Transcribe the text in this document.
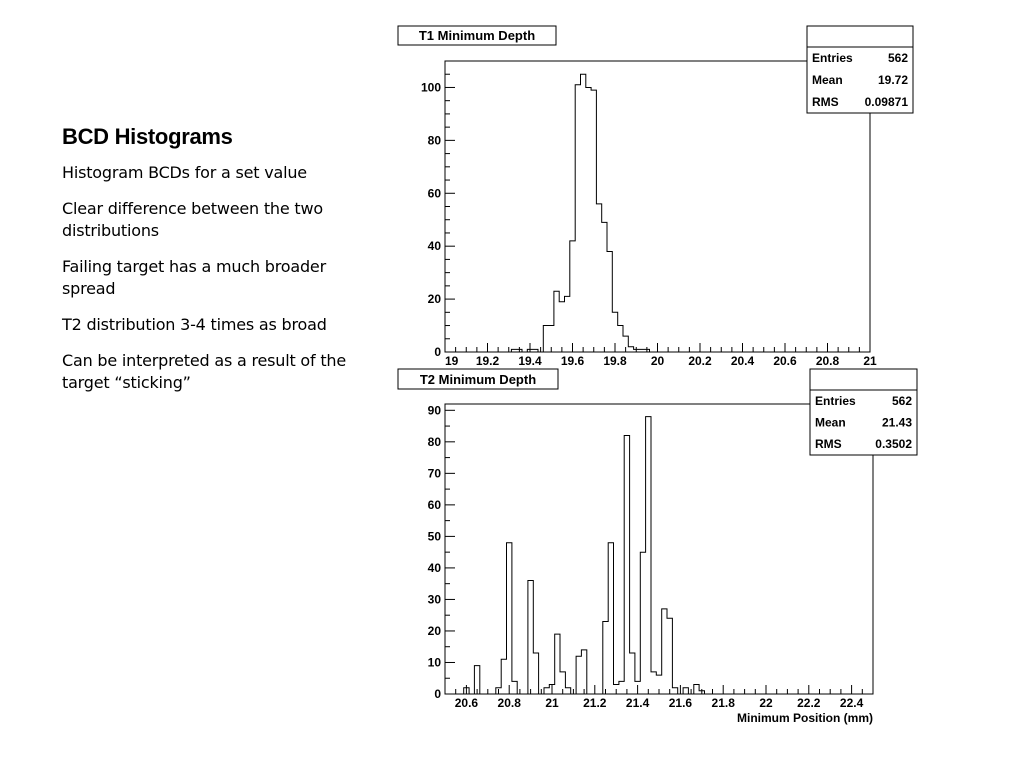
BCD Histograms
Histogram BCDs for a set value
Clear difference between the two distributions
Failing target has a much broader spread
T2 distribution 3-4 times as broad
Can be interpreted as a result of the target “sticking”
19 19.2 19.4 19.6 19.8 20 20.2 20.4 20.6 20.8 21
0
20
40
60
80
100
T1 Minimum Depth
Entries	562
Mean	19.72
RMS 0.09871
20.6 20.8 21 21.2 21.4 21.6 21.8 22 22.2 22.4
0
10
20
30
40
50
60
70
80
90
T2 Minimum Depth
Entries	562
Mean	21.43
RMS	0.3502
Minimum Position (mm)
